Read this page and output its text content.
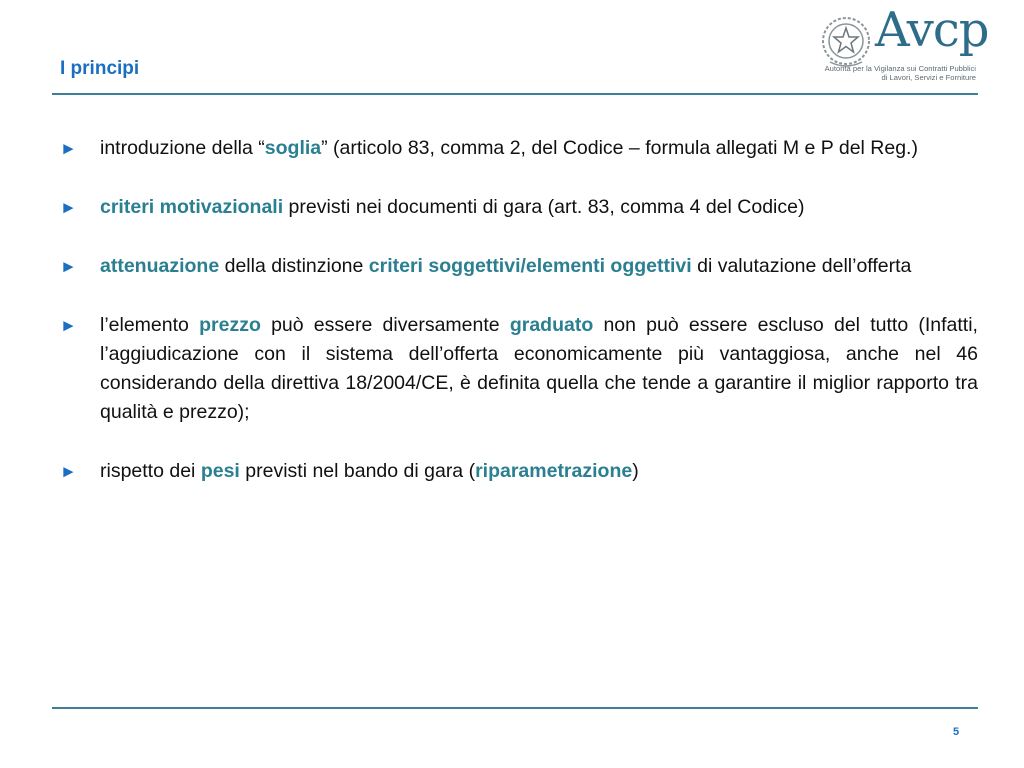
I principi
Avcp
Autorità per la Vigilanza sui Contratti Pubblici
di Lavori, Servizi e Forniture
► introduzione della “soglia” (articolo 83, comma 2, del Codice – formula allegati M e P del Reg.)
► criteri motivazionali previsti nei documenti di gara (art. 83, comma 4 del Codice)
► attenuazione della distinzione criteri soggettivi/elementi oggettivi di valutazione dell’offerta
► l’elemento prezzo può essere diversamente graduato non può essere escluso del tutto (Infatti, l’aggiudicazione con il sistema dell’offerta economicamente più vantaggiosa, anche nel 46 considerando della direttiva 18/2004/CE, è definita quella che tende a garantire il miglior rapporto tra qualità e prezzo);
► rispetto dei pesi previsti nel bando di gara (riparametrazione)
5
